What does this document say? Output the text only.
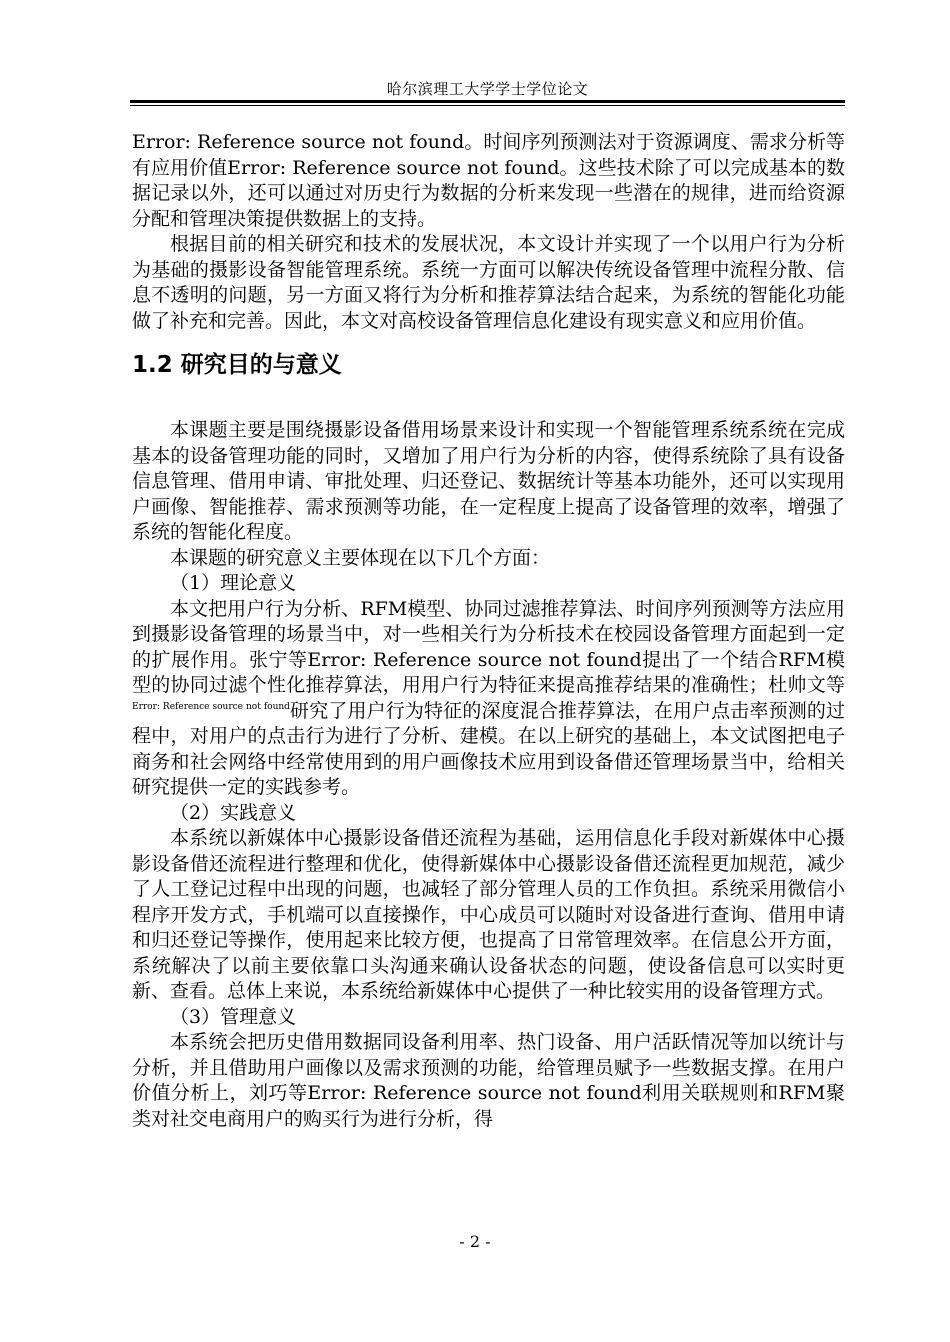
哈尔滨理工大学学士学位论文

Error: Reference source not found。时间序列预测法对于资源调度、需求分析等有应用价值Error: Reference source not found。这些技术除了可以完成基本的数据记录以外，还可以通过对历史行为数据的分析来发现一些潜在的规律，进而给资源分配和管理决策提供数据上的支持。

根据目前的相关研究和技术的发展状况，本文设计并实现了一个以用户行为分析为基础的摄影设备智能管理系统。系统一方面可以解决传统设备管理中流程分散、信息不透明的问题，另一方面又将行为分析和推荐算法结合起来，为系统的智能化功能做了补充和完善。因此，本文对高校设备管理信息化建设有现实意义和应用价值。

1.2 研究目的与意义

本课题主要是围绕摄影设备借用场景来设计和实现一个智能管理系统系统在完成基本的设备管理功能的同时，又增加了用户行为分析的内容，使得系统除了具有设备信息管理、借用申请、审批处理、归还登记、数据统计等基本功能外，还可以实现用户画像、智能推荐、需求预测等功能，在一定程度上提高了设备管理的效率，增强了系统的智能化程度。

本课题的研究意义主要体现在以下几个方面：

（1）理论意义

本文把用户行为分析、RFM模型、协同过滤推荐算法、时间序列预测等方法应用到摄影设备管理的场景当中，对一些相关行为分析技术在校园设备管理方面起到一定的扩展作用。张宁等Error: Reference source not found提出了一个结合RFM模型的协同过滤个性化推荐算法，用用户行为特征来提高推荐结果的准确性；杜帅文等$^{Error: Reference source not found}$研究了用户行为特征的深度混合推荐算法，在用户点击率预测的过程中，对用户的点击行为进行了分析、建模。在以上研究的基础上，本文试图把电子商务和社会网络中经常使用到的用户画像技术应用到设备借还管理场景当中，给相关研究提供一定的实践参考。

（2）实践意义

本系统以新媒体中心摄影设备借还流程为基础，运用信息化手段对新媒体中心摄影设备借还流程进行整理和优化，使得新媒体中心摄影设备借还流程更加规范，减少了人工登记过程中出现的问题，也减轻了部分管理人员的工作负担。系统采用微信小程序开发方式，手机端可以直接操作，中心成员可以随时对设备进行查询、借用申请和归还登记等操作，使用起来比较方便，也提高了日常管理效率。在信息公开方面，系统解决了以前主要依靠口头沟通来确认设备状态的问题，使设备信息可以实时更新、查看。总体上来说，本系统给新媒体中心提供了一种比较实用的设备管理方式。

（3）管理意义

本系统会把历史借用数据同设备利用率、热门设备、用户活跃情况等加以统计与分析，并且借助用户画像以及需求预测的功能，给管理员赋予一些数据支撑。在用户价值分析上，刘巧等Error: Reference source not found利用关联规则和RFM聚类对社交电商用户的购买行为进行分析，得

- 2 -
